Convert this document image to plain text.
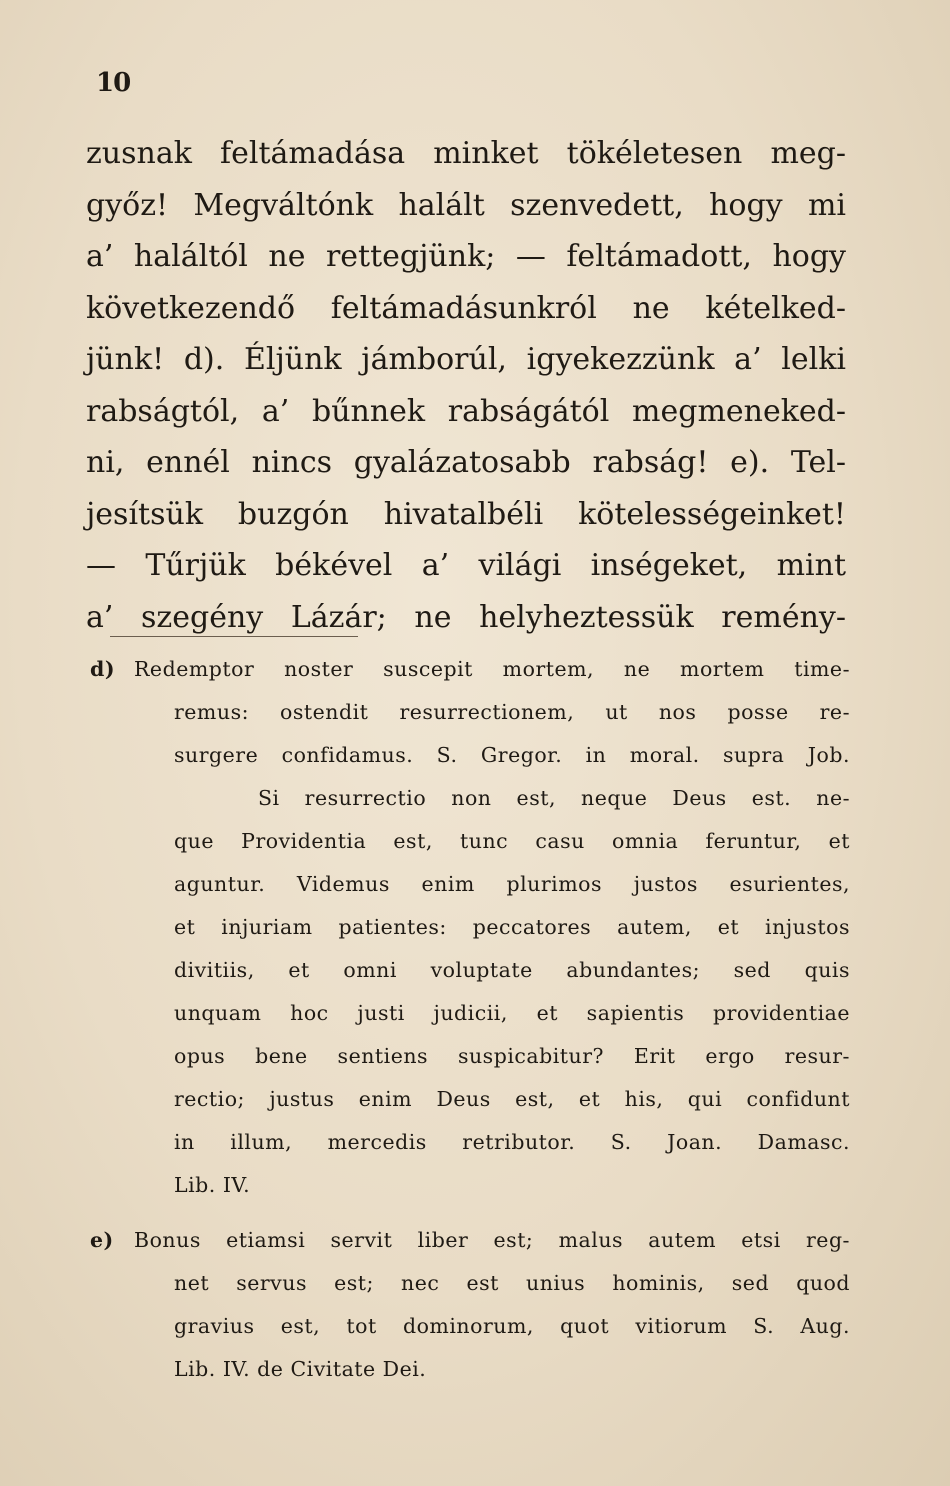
10
zusnak feltámadása minket tökéletesen meg-
győz! Megváltónk halált szenvedett, hogy mi
a’ haláltól ne rettegjünk; — feltámadott, hogy
következendő feltámadásunkról ne kételked-
jünk! d). Éljünk jámborúl, igyekezzünk a’ lelki
rabságtól, a’ bűnnek rabságától megmeneked-
ni, ennél nincs gyalázatosabb rabság! e). Tel-
jesítsük buzgón hivatalbéli kötelességeinket!
— Tűrjük békével a’ világi inségeket, mint
a’ szegény Lázár; ne helyheztessük remény-
d) Redemptor noster suscepit mortem, ne mortem time-
remus: ostendit resurrectionem, ut nos posse re-
surgere confidamus. S. Gregor. in moral. supra Job.
Si resurrectio non est, neque Deus est. ne-
que Providentia est, tunc casu omnia feruntur, et
aguntur. Videmus enim plurimos justos esurientes,
et injuriam patientes: peccatores autem, et injustos
divitiis, et omni voluptate abundantes; sed quis
unquam hoc justi judicii, et sapientis providentiae
opus bene sentiens suspicabitur? Erit ergo resur-
rectio; justus enim Deus est, et his, qui confidunt
in illum, mercedis retributor. S. Joan. Damasc.
Lib. IV.
e) Bonus etiamsi servit liber est; malus autem etsi reg-
net servus est; nec est unius hominis, sed quod
gravius est, tot dominorum, quot vitiorum S. Aug.
Lib. IV. de Civitate Dei.
